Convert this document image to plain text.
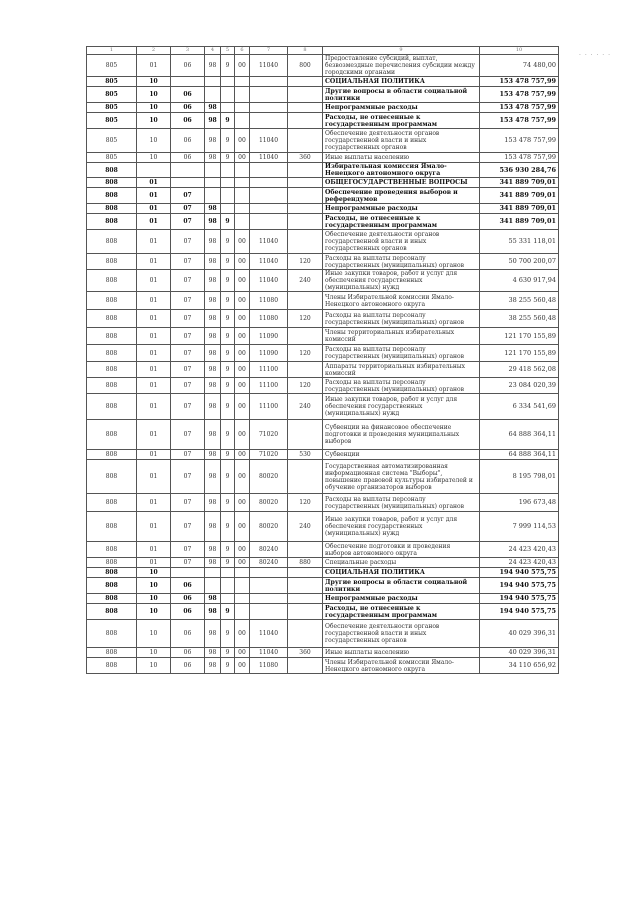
· · · · · ·
1	2	3	4	5	6	7	8	9	10
805	01	06	98	9	00	11040	800	Предоставление субсидий, выплат, безвозмездные перечисления субсидии между городскими органами	74 480,00
805	10							СОЦИАЛЬНАЯ ПОЛИТИКА	153 478 757,99
805	10	06						Другие вопросы в области социальной политики	153 478 757,99
805	10	06	98					Непрограммные расходы	153 478 757,99
805	10	06	98	9				Расходы, не отнесенные к государственным программам	153 478 757,99
805	10	06	98	9	00	11040		Обеспечение деятельности органов государственной власти и иных государственных органов	153 478 757,99
805	10	06	98	9	00	11040	360	Иные выплаты населению	153 478 757,99
808								Избирательная комиссия Ямало-Ненецкого автономного округа	536 930 284,76
808	01							ОБЩЕГОСУДАРСТВЕННЫЕ ВОПРОСЫ	341 889 709,01
808	01	07						Обеспечение проведения выборов и референдумов	341 889 709,01
808	01	07	98					Непрограммные расходы	341 889 709,01
808	01	07	98	9				Расходы, не отнесенные к государственным программам	341 889 709,01
808	01	07	98	9	00	11040		Обеспечение деятельности органов государственной власти и иных государственных органов	55 331 118,01
808	01	07	98	9	00	11040	120	Расходы на выплаты персоналу государственных (муниципальных) органов	50 700 200,07
808	01	07	98	9	00	11040	240	Иные закупки товаров, работ и услуг для обеспечения государственных (муниципальных) нужд	4 630 917,94
808	01	07	98	9	00	11080		Члены Избирательной комиссии Ямало-Ненецкого автономного округа	38 255 560,48
808	01	07	98	9	00	11080	120	Расходы на выплаты персоналу государственных (муниципальных) органов	38 255 560,48
808	01	07	98	9	00	11090		Члены территориальных избирательных комиссий	121 170 155,89
808	01	07	98	9	00	11090	120	Расходы на выплаты персоналу государственных (муниципальных) органов	121 170 155,89
808	01	07	98	9	00	11100		Аппараты территориальных избирательных комиссий	29 418 562,08
808	01	07	98	9	00	11100	120	Расходы на выплаты персоналу государственных (муниципальных) органов	23 084 020,39
808	01	07	98	9	00	11100	240	Иные закупки товаров, работ и услуг для обеспечения государственных (муниципальных) нужд	6 334 541,69
808	01	07	98	9	00	71020		Субвенции на финансовое обеспечение подготовки и проведения муниципальных выборов	64 888 364,11
808	01	07	98	9	00	71020	530	Субвенции	64 888 364,11
808	01	07	98	9	00	80020		Государственная автоматизированная информационная система "Выборы", повышение правовой культуры избирателей и обучение организаторов выборов	8 195 798,01
808	01	07	98	9	00	80020	120	Расходы на выплаты персоналу государственных (муниципальных) органов	196 673,48
808	01	07	98	9	00	80020	240	Иные закупки товаров, работ и услуг для обеспечения государственных (муниципальных) нужд	7 999 114,53
808	01	07	98	9	00	80240		Обеспечение подготовки и проведения выборов автономного округа	24 423 420,43
808	01	07	98	9	00	80240	880	Специальные расходы	24 423 420,43
808	10							СОЦИАЛЬНАЯ ПОЛИТИКА	194 940 575,75
808	10	06						Другие вопросы в области социальной политики	194 940 575,75
808	10	06	98					Непрограммные расходы	194 940 575,75
808	10	06	98	9				Расходы, не отнесенные к государственным программам	194 940 575,75
808	10	06	98	9	00	11040		Обеспечение деятельности органов государственной власти и иных государственных органов	40 029 396,31
808	10	06	98	9	00	11040	360	Иные выплаты населению	40 029 396,31
808	10	06	98	9	00	11080		Члены Избирательной комиссии Ямало-Ненецкого автономного округа	34 110 656,92
